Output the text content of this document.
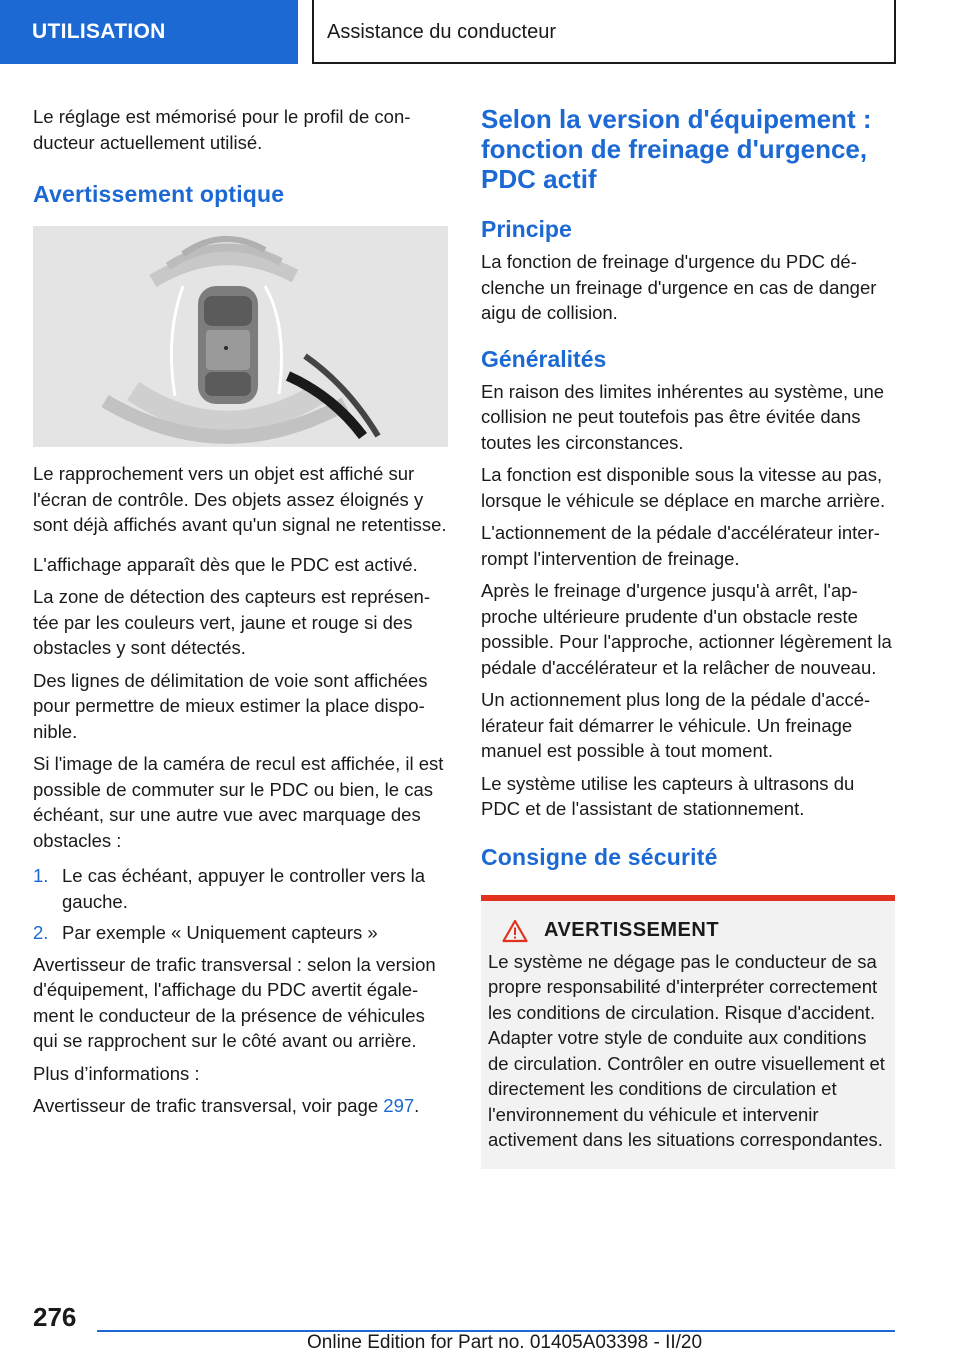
UTILISATION	Assistance du conducteur

Le réglage est mémorisé pour le profil de conducteur actuellement utilisé.

Avertissement optique

Le rapprochement vers un objet est affiché sur l'écran de contrôle. Des objets assez éloignés y sont déjà affichés avant qu'un signal ne retentisse.

L'affichage apparaît dès que le PDC est activé.

La zone de détection des capteurs est représentée par les couleurs vert, jaune et rouge si des obstacles y sont détectés.

Des lignes de délimitation de voie sont affichées pour permettre de mieux estimer la place disponible.

Si l'image de la caméra de recul est affichée, il est possible de commuter sur le PDC ou bien, le cas échéant, sur une autre vue avec marquage des obstacles :

1. Le cas échéant, appuyer le controller vers la gauche.
2. Par exemple « Uniquement capteurs »

Avertisseur de trafic transversal : selon la version d'équipement, l'affichage du PDC avertit également le conducteur de la présence de véhicules qui se rapprochent sur le côté avant ou arrière.

Plus d’informations :

Avertisseur de trafic transversal, voir page 297.

Selon la version d'équipement : fonction de freinage d'urgence, PDC actif
Principe

La fonction de freinage d'urgence du PDC déclenche un freinage d'urgence en cas de danger aigu de collision.

Généralités

En raison des limites inhérentes au système, une collision ne peut toutefois pas être évitée dans toutes les circonstances.

La fonction est disponible sous la vitesse au pas, lorsque le véhicule se déplace en marche arrière.

L'actionnement de la pédale d'accélérateur interrompt l'intervention de freinage.

Après le freinage d'urgence jusqu'à arrêt, l'approche ultérieure prudente d'un obstacle reste possible. Pour l'approche, actionner légèrement la pédale d'accélérateur et la relâcher de nouveau.

Un actionnement plus long de la pédale d'accélérateur fait démarrer le véhicule. Un freinage manuel est possible à tout moment.

Le système utilise les capteurs à ultrasons du PDC et de l'assistant de stationnement.

Consigne de sécurité
AVERTISSEMENT

Le système ne dégage pas le conducteur de sa propre responsabilité d'interpréter correctement les conditions de circulation. Risque d'accident. Adapter votre style de conduite aux conditions de circulation. Contrôler en outre visuellement et directement les conditions de circulation et l'environnement du véhicule et intervenir activement dans les situations correspondantes.

276
Online Edition for Part no. 01405A03398 - II/20
